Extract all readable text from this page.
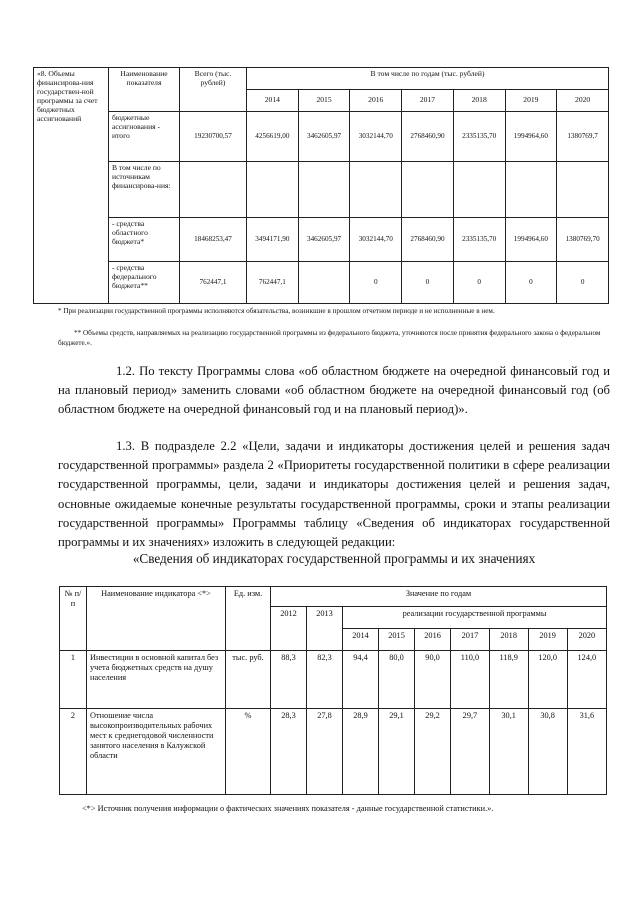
«8. Объемы финансирова-ния государствен-ной программы за счет бюджетных ассигнований	Наименование показателя	Всего (тыс. рублей)	В том числе по годам (тыс. рублей)						
			2014	2015	2016	2017	2018	2019	2020
	бюджетные ассигнования - итого	19230700,57	4256619,00	3462605,97	3032144,70	2768460,90	2335135,70	1994964,60	1380769,7
	В том числе по источникам финансирова-ния:								
	- средства областного бюджета*	18468253,47	3494171,90	3462605,97	3032144,70	2768460,90	2335135,70	1994964,60	1380769,70
	- средства федерального бюджета**	762447,1	762447,1		0	0	0	0	0
* При реализации государственной программы исполняются обязательства, возникшие в прошлом отчетном периоде и не исполненные в нем.
** Объемы средств, направляемых на реализацию государственной программы из федерального бюджета, уточняются после принятия федерального закона о федеральном бюджете.».
1.2. По тексту Программы слова «об областном бюджете на очередной финансовый год и на плановый период» заменить словами «об областном бюджете на очередной финансовый год (об областном бюджете на очередной финансовый год и на плановый период)».
1.3. В подразделе 2.2 «Цели, задачи и индикаторы достижения целей и решения задач государственной программы» раздела 2 «Приоритеты государственной политики в сфере реализации государственной программы, цели, задачи и индикаторы достижения целей и решения задач, основные ожидаемые конечные результаты государственной программы, сроки и этапы реализации государственной программы» Программы таблицу «Сведения об индикаторах государственной программы и их значениях» изложить в следующей редакции:
«Сведения об индикаторах государственной программы и их значениях
№ п/п	Наименование индикатора <*>	Ед. изм.	Значение по годам								
			2012	2013	реализации государственной программы						
					2014	2015	2016	2017	2018	2019	2020
1	Инвестиции в основной капитал без учета бюджетных средств на душу населения	тыс. руб.	88,3	82,3	94,4	80,0	90,0	110,0	118,9	120,0	124,0
2	Отношение числа высокопроизводительных рабочих мест к среднегодовой численности занятого населения в Калужской области	%	28,3	27,8	28,9	29,1	29,2	29,7	30,1	30,8	31,6
<*> Источник получения информации о фактических значениях показателя - данные государственной статистики.».
